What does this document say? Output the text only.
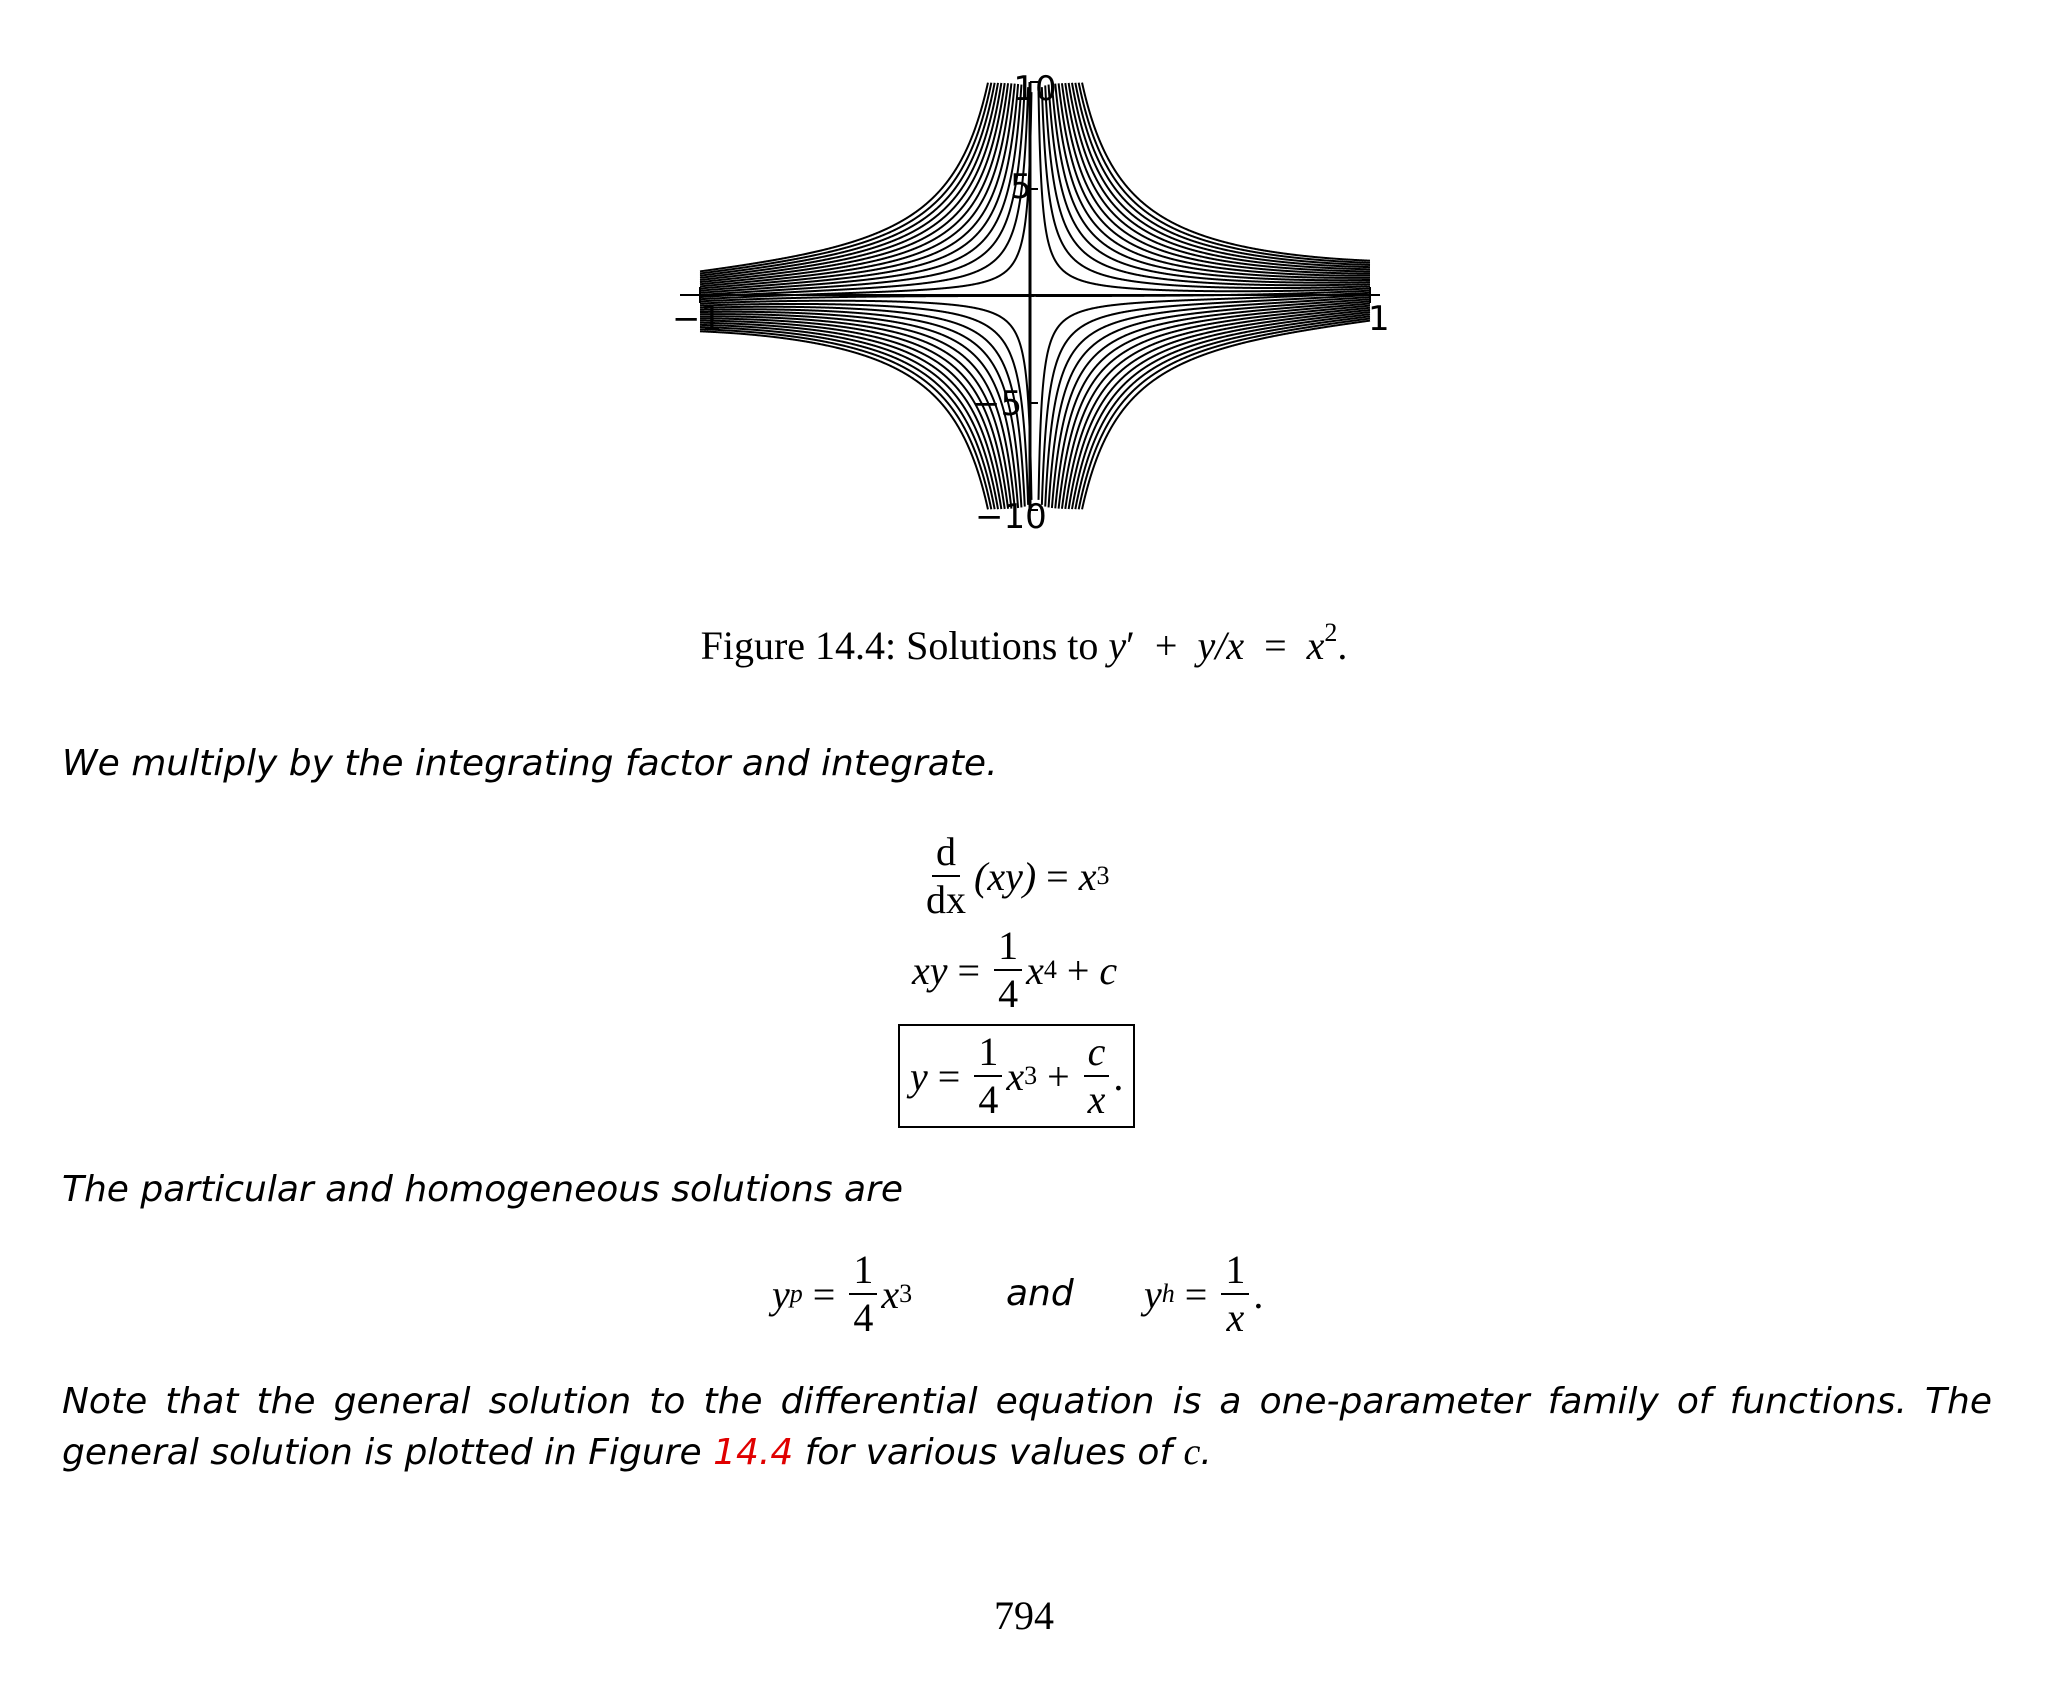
10
5
−5
−10
−1	1
Figure 14.4: Solutions to $y' + y/x = x^2$.
We multiply by the integrating factor and integrate.
$\frac{d}{dx} (xy) = x$ 3
xy = $\frac{1}{4}$ x 4 + c
$y = \frac{1}{4}$ x $3 + \frac{c}{x}$ .
The particular and homogeneous solutions are
y $p = \frac{1}{4}$ x 3	and y $h = \frac{1}{x}$ .
Note that the general solution to the differential equation is a one-parameter family of functions. The general solution is plotted in Figure 14.4 for various values of c.
794
